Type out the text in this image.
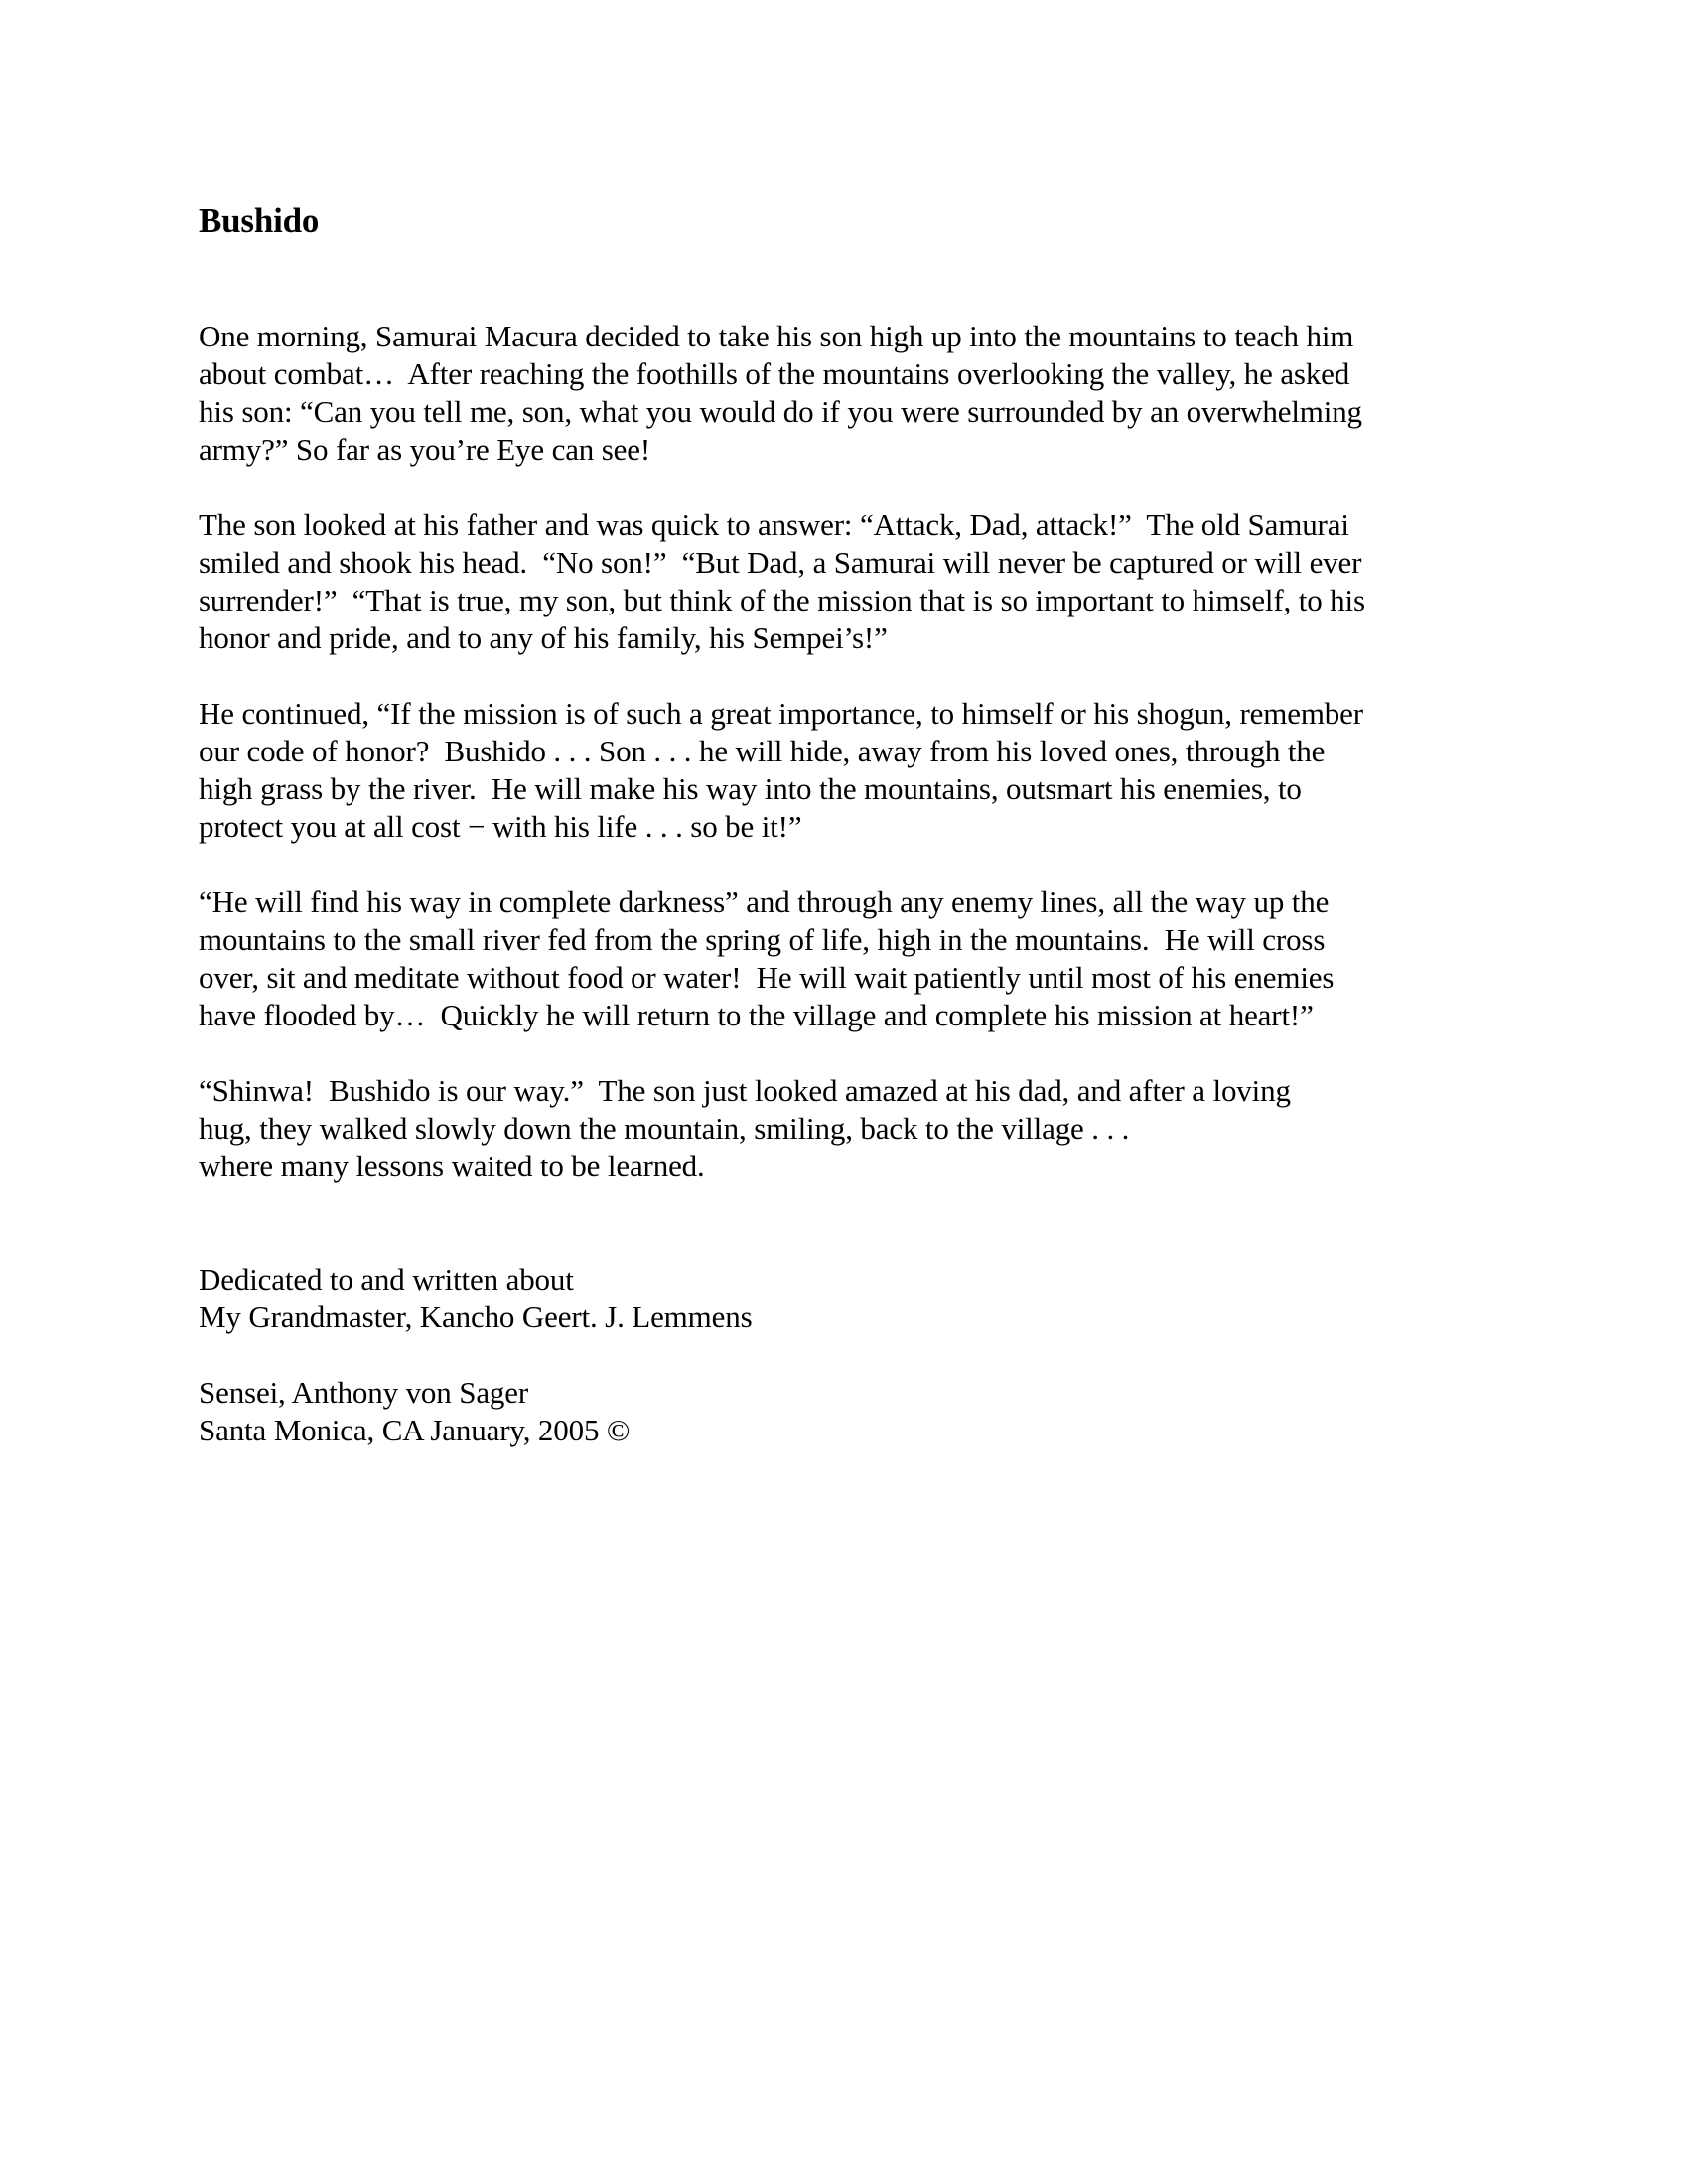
Bushido
One morning, Samurai Macura decided to take his son high up into the mountains to teach him
about combat…  After reaching the foothills of the mountains overlooking the valley, he asked
his son: “Can you tell me, son, what you would do if you were surrounded by an overwhelming
army?” So far as you’re Eye can see!
The son looked at his father and was quick to answer: “Attack, Dad, attack!”  The old Samurai
smiled and shook his head.  “No son!”  “But Dad, a Samurai will never be captured or will ever
surrender!”  “That is true, my son, but think of the mission that is so important to himself, to his
honor and pride, and to any of his family, his Sempei’s!”
He continued, “If the mission is of such a great importance, to himself or his shogun, remember
our code of honor?  Bushido . . . Son . . . he will hide, away from his loved ones, through the
high grass by the river.  He will make his way into the mountains, outsmart his enemies, to
protect you at all cost − with his life . . . so be it!”
“He will find his way in complete darkness” and through any enemy lines, all the way up the
mountains to the small river fed from the spring of life, high in the mountains.  He will cross
over, sit and meditate without food or water!  He will wait patiently until most of his enemies
have flooded by…  Quickly he will return to the village and complete his mission at heart!”
“Shinwa!  Bushido is our way.”  The son just looked amazed at his dad, and after a loving
hug, they walked slowly down the mountain, smiling, back to the village . . .
where many lessons waited to be learned.
Dedicated to and written about
My Grandmaster, Kancho Geert. J. Lemmens
Sensei, Anthony von Sager
Santa Monica, CA January, 2005 ©
